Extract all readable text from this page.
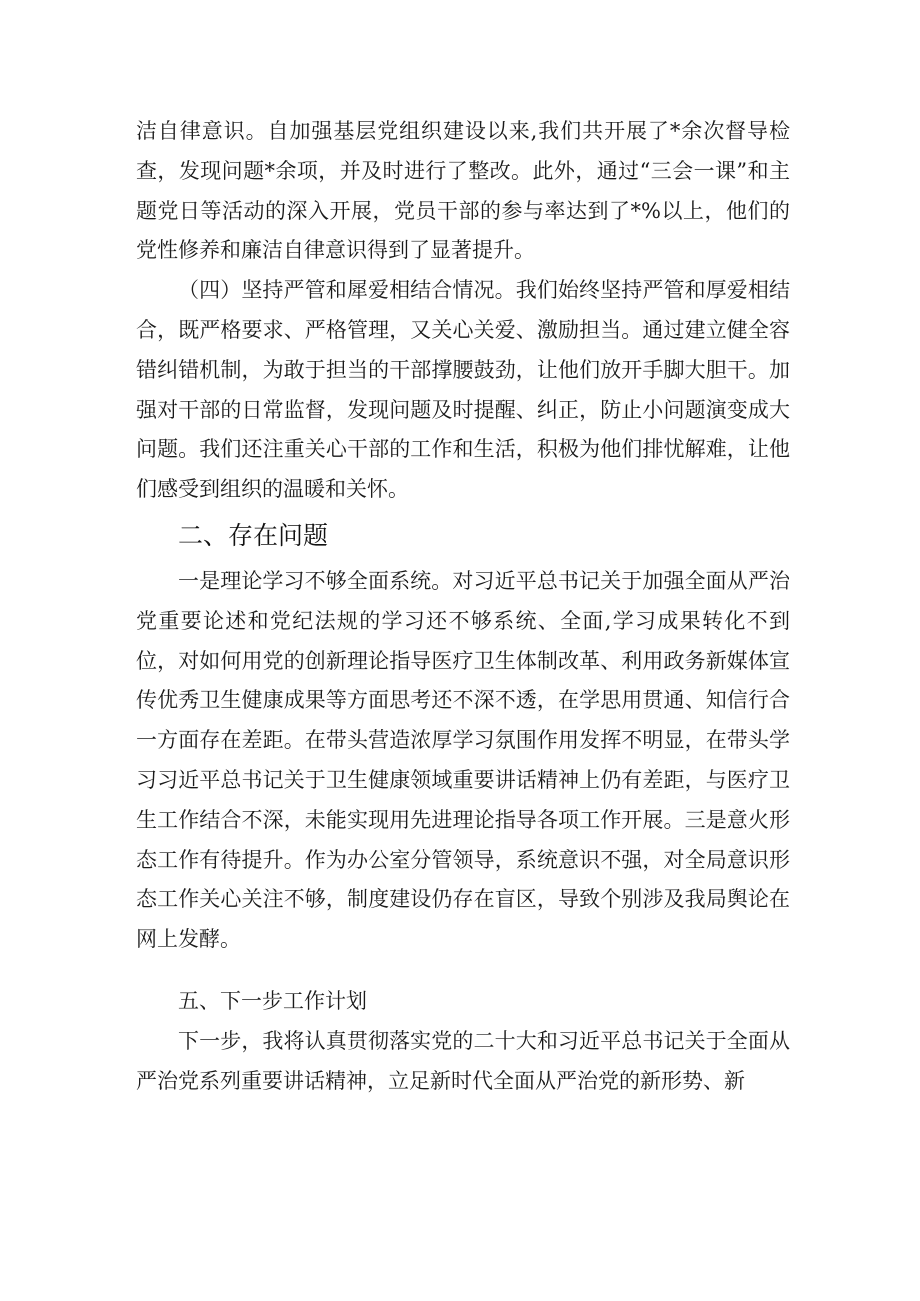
洁自律意识。自加强基层党组织建设以来,我们共开展了*余次督导检查，发现问题*余项，并及时进行了整改。此外，通过“三会一课”和主题党日等活动的深入开展，党员干部的参与率达到了*%以上，他们的党性修养和廉洁自律意识得到了显著提升。

（四）坚持严管和犀爱相结合情况。我们始终坚持严管和厚爱相结合，既严格要求、严格管理，又关心关爱、激励担当。通过建立健全容错纠错机制，为敢于担当的干部撑腰鼓劲，让他们放开手脚大胆干。加强对干部的日常监督，发现问题及时提醒、纠正，防止小问题演变成大问题。我们还注重关心干部的工作和生活，积极为他们排忧解难，让他们感受到组织的温暖和关怀。

二、存在问题

一是理论学习不够全面系统。对习近平总书记关于加强全面从严治党重要论述和党纪法规的学习还不够系统、全面,学习成果转化不到位，对如何用党的创新理论指导医疗卫生体制改革、利用政务新媒体宣传优秀卫生健康成果等方面思考还不深不透，在学思用贯通、知信行合一方面存在差距。在带头营造浓厚学习氛围作用发挥不明显，在带头学习习近平总书记关于卫生健康领域重要讲话精神上仍有差距，与医疗卫生工作结合不深，未能实现用先进理论指导各项工作开展。三是意火形态工作有待提升。作为办公室分管领导，系统意识不强，对全局意识形态工作关心关注不够，制度建设仍存在盲区，导致个别涉及我局舆论在网上发酵。

五、下一步工作计划

下一步，我将认真贯彻落实党的二十大和习近平总书记关于全面从严治党系列重要讲话精神，立足新时代全面从严治党的新形势、新
